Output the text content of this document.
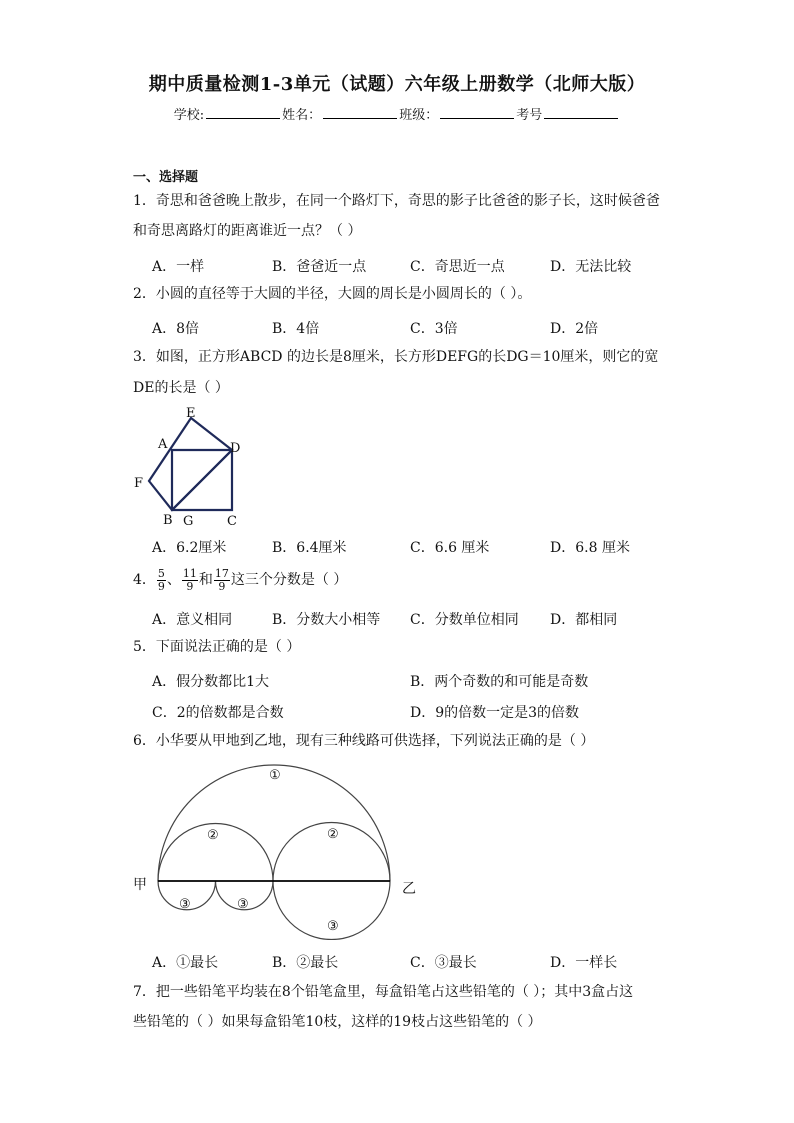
期中质量检测1-3单元（试题）六年级上册数学（北师大版）
学校:	姓名：	班级：	考号
一、选择题
1．奇思和爸爸晚上散步，在同一个路灯下，奇思的影子比爸爸的影子长，这时候爸爸
和奇思离路灯的距离谁近一点？（ ）
A．一样	B．爸爸近一点	C．奇思近一点	D．无法比较
2．小圆的直径等于大圆的半径，大圆的周长是小圆周长的（ ）。
A．8倍	B．4倍	C．3倍	D．2倍
3．如图，正方形ABCD 的边长是8厘米，长方形DEFG的长DG＝10厘米，则它的宽
DE的长是（ ）
E
A	D
F
B G	C
A．6.2厘米	B．6.4厘米	C．6.6 厘米	D．6.8 厘米
4． $\frac{5}{9}$ 、 $\frac{11}{9}$ 和 $\frac{17}{9}$ 这三个分数是（ ）
A．意义相同	B．分数大小相等 C．分数单位相同 D．都相同
5．下面说法正确的是（ ）
A．假分数都比1大	B．两个奇数的和可能是奇数
C．2的倍数都是合数	D．9的倍数一定是3的倍数
6．小华要从甲地到乙地，现有三种线路可供选择，下列说法正确的是（ ）
①
②	②
③	③
③
甲	乙
A．①最长	B．②最长	C．③最长	D．一样长
7．把一些铅笔平均装在8个铅笔盒里，每盒铅笔占这些铅笔的（ ）；其中3盒占这
些铅笔的（ ）如果每盒铅笔10枝，这样的19枝占这些铅笔的（ ）
